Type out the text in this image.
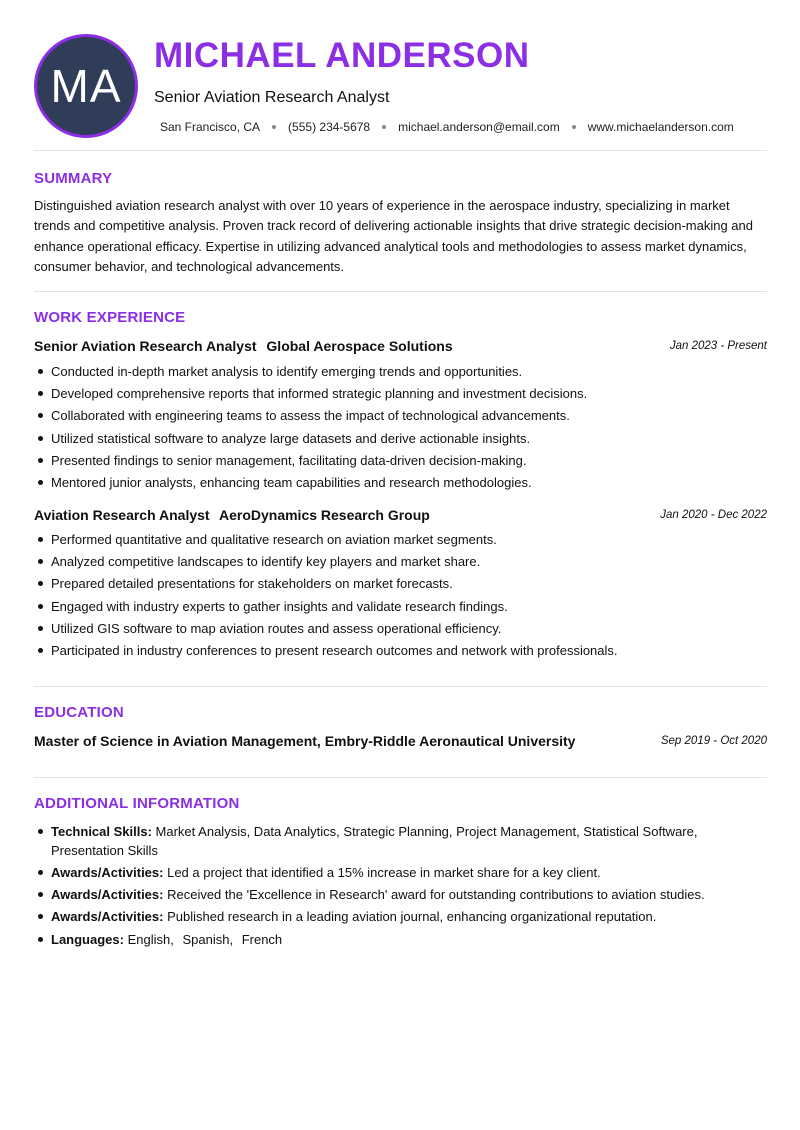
MA
MICHAEL ANDERSON
Senior Aviation Research Analyst
San Francisco, CA (555) 234-5678 michael.anderson@email.com www.michaelanderson.com
SUMMARY
Distinguished aviation research analyst with over 10 years of experience in the aerospace industry, specializing in market trends and competitive analysis. Proven track record of delivering actionable insights that drive strategic decision-making and enhance operational efficacy. Expertise in utilizing advanced analytical tools and methodologies to assess market dynamics, consumer behavior, and technological advancements.
WORK EXPERIENCE
Senior Aviation Research Analyst Global Aerospace Solutions	Jan 2023 - Present
Conducted in-depth market analysis to identify emerging trends and opportunities.
Developed comprehensive reports that informed strategic planning and investment decisions.
Collaborated with engineering teams to assess the impact of technological advancements.
Utilized statistical software to analyze large datasets and derive actionable insights.
Presented findings to senior management, facilitating data-driven decision-making.
Mentored junior analysts, enhancing team capabilities and research methodologies.
Aviation Research Analyst AeroDynamics Research Group	Jan 2020 - Dec 2022
Performed quantitative and qualitative research on aviation market segments.
Analyzed competitive landscapes to identify key players and market share.
Prepared detailed presentations for stakeholders on market forecasts.
Engaged with industry experts to gather insights and validate research findings.
Utilized GIS software to map aviation routes and assess operational efficiency.
Participated in industry conferences to present research outcomes and network with professionals.
EDUCATION
Master of Science in Aviation Management, Embry-Riddle Aeronautical University	Sep 2019 - Oct 2020
ADDITIONAL INFORMATION
Technical Skills: Market Analysis, Data Analytics, Strategic Planning, Project Management, Statistical Software, Presentation Skills
Awards/Activities: Led a project that identified a 15% increase in market share for a key client.
Awards/Activities: Received the 'Excellence in Research' award for outstanding contributions to aviation studies.
Awards/Activities: Published research in a leading aviation journal, enhancing organizational reputation.
Languages: English, Spanish, French
